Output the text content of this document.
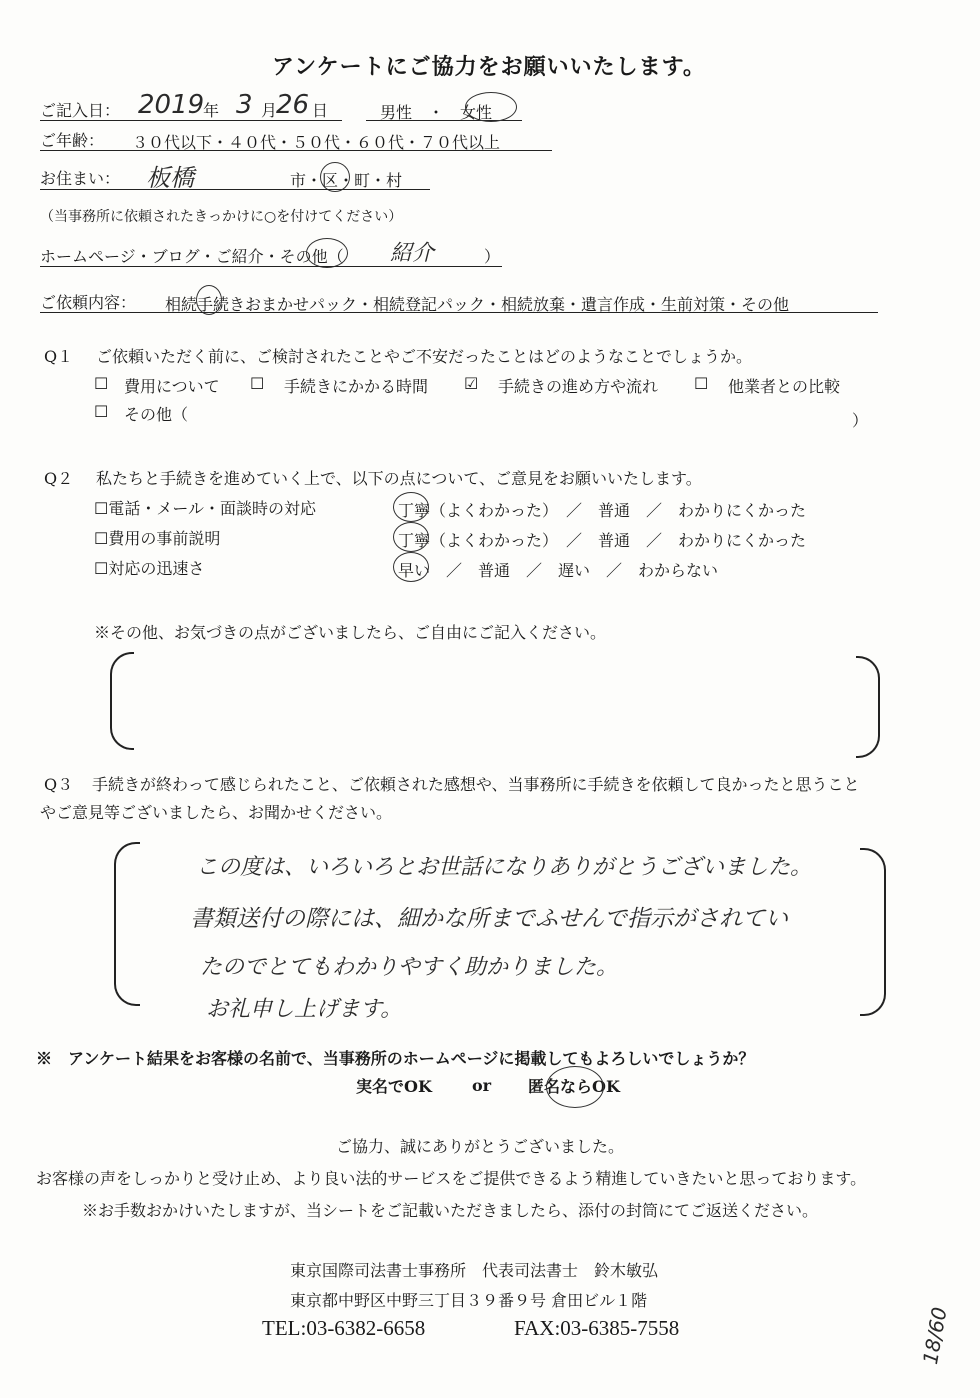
アンケートにご協力をお願いいたします。
ご記入日： 2019
年 3 月
26 日	男性　・　女性
ご年齢： ３０代以下・４０代・５０代・６０代・７０代以上
お住まい： 板橋	市・区・町・村
（当事務所に依頼されたきっかけに○を付けてください）
ホームページ・ブログ・ご紹介・その他（ 紹介	）
ご依頼内容： 相続手続きおまかせパック・相続登記パック・相続放棄・遺言作成・生前対策・その他
Q１ ご依頼いただく前に、ご検討されたことやご不安だったことはどのようなことでしょうか。
☐ 費用について ☐ 手続きにかかる時間 ☑ 手続きの進め方や流れ ☐ 他業者との比較
☐ その他（	）
Q２ 私たちと手続きを進めていく上で、以下の点について、ご意見をお願いいたします。
☐電話・メール・面談時の対応	丁寧（よくわかった）　／　普通　／　わかりにくかった
☐費用の事前説明	丁寧（よくわかった）　／　普通　／　わかりにくかった
☐対応の迅速さ	早い　／　普通　／　遅い　／　わからない
※その他、お気づきの点がございましたら、ご自由にご記入ください。
Q３ 手続きが終わって感じられたこと、ご依頼された感想や、当事務所に手続きを依頼して良かったと思うこと
やご意見等ございましたら、お聞かせください。
この度は、いろいろとお世話になりありがとうございました。
書類送付の際には、細かな所までふせんで指示がされてい
たのでとてもわかりやすく助かりました。
お礼申し上げます。
※　アンケート結果をお客様の名前で、当事務所のホームページに掲載してもよろしいでしょうか？
実名でOK	or 匿名ならOK
ご協力、誠にありがとうございました。
お客様の声をしっかりと受け止め、より良い法的サービスをご提供できるよう精進していきたいと思っております。
※お手数おかけいたしますが、当シートをご記載いただきましたら、添付の封筒にてご返送ください。
東京国際司法書士事務所　代表司法書士　鈴木敏弘
東京都中野区中野三丁目３９番９号 倉田ビル１階
TEL:03-6382-6658	FAX:03-6385-7558	18/60
